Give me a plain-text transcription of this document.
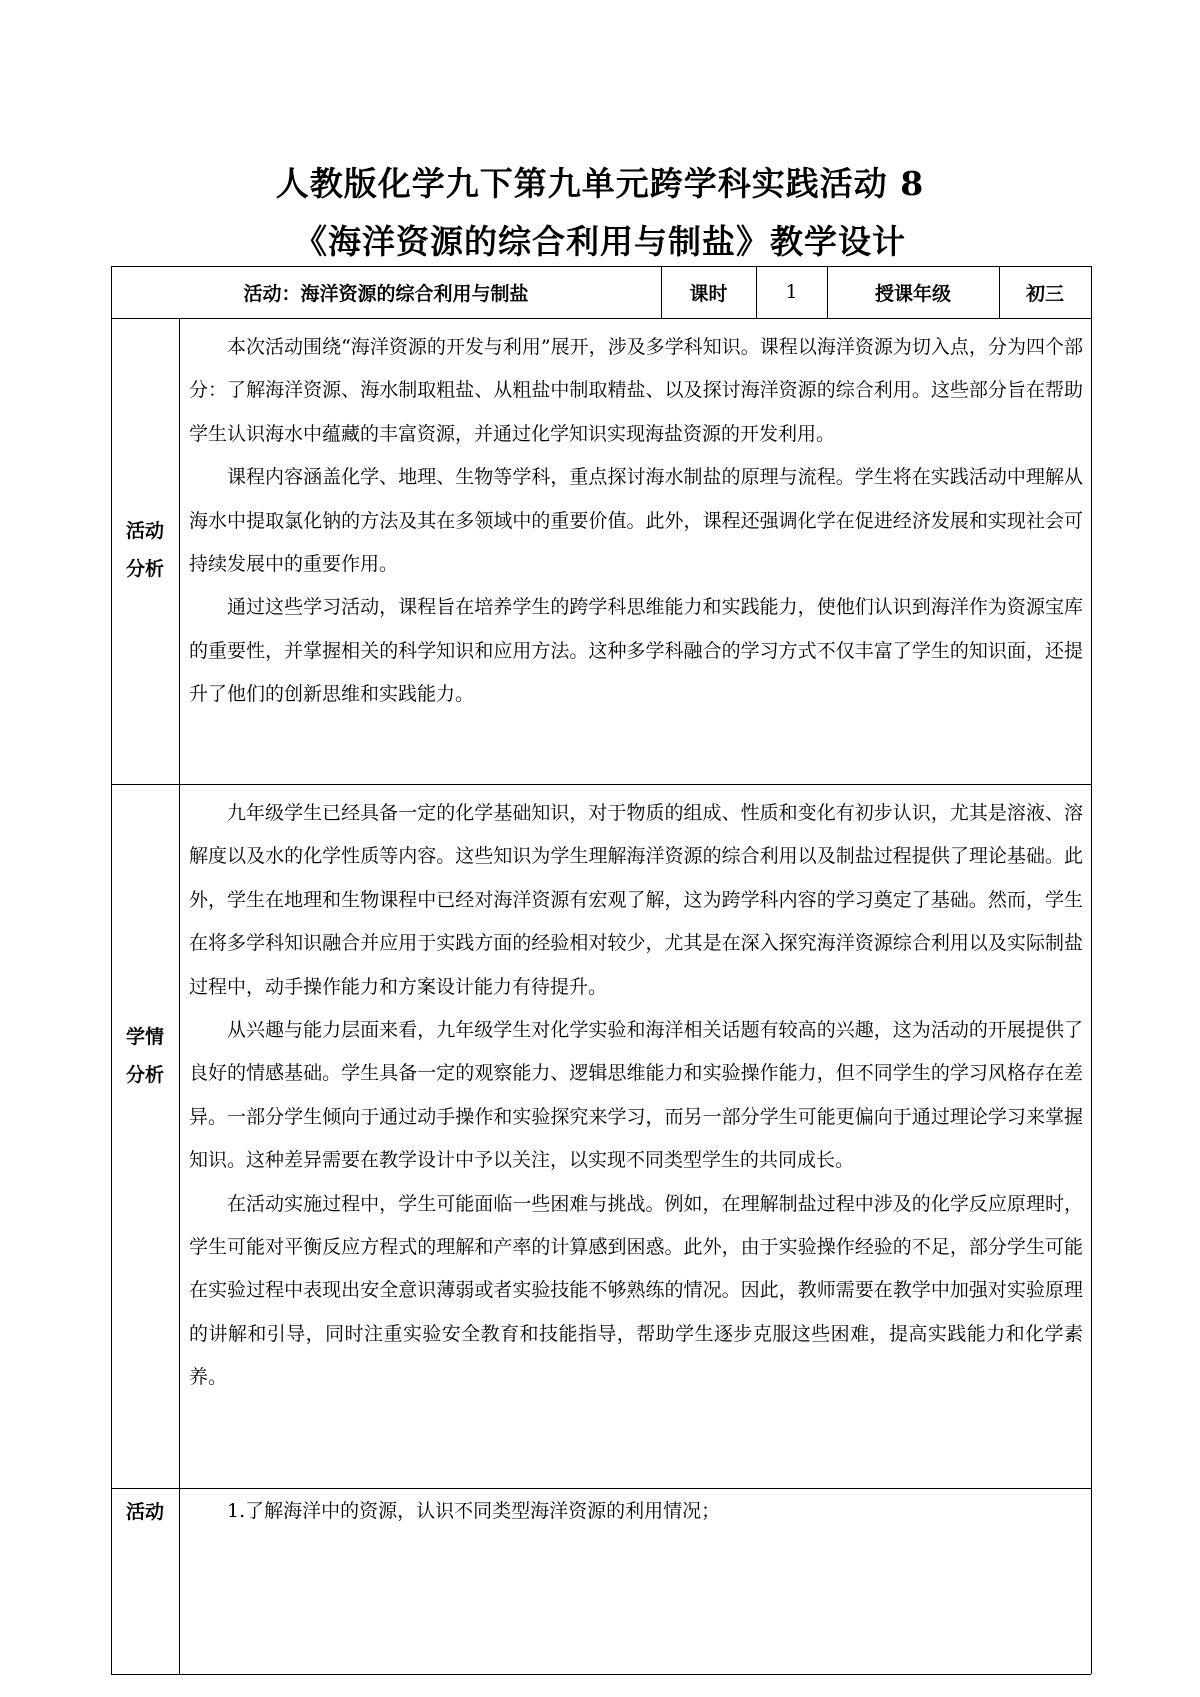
人教版化学九下第九单元跨学科实践活动 8
《海洋资源的综合利用与制盐》教学设计
活动：海洋资源的综合利用与制盐	课时	1	授课年级	初三
活动
分析

本次活动围绕“海洋资源的开发与利用”展开，涉及多学科知识。课程以海洋资源为切入点，分为四个部分：了解海洋资源、海水制取粗盐、从粗盐中制取精盐、以及探讨海洋资源的综合利用。这些部分旨在帮助学生认识海水中蕴藏的丰富资源，并通过化学知识实现海盐资源的开发利用。

课程内容涵盖化学、地理、生物等学科，重点探讨海水制盐的原理与流程。学生将在实践活动中理解从海水中提取氯化钠的方法及其在多领域中的重要价值。此外，课程还强调化学在促进经济发展和实现社会可持续发展中的重要作用。

通过这些学习活动，课程旨在培养学生的跨学科思维能力和实践能力，使他们认识到海洋作为资源宝库的重要性，并掌握相关的科学知识和应用方法。这种多学科融合的学习方式不仅丰富了学生的知识面，还提升了他们的创新思维和实践能力。

学情
分析

九年级学生已经具备一定的化学基础知识，对于物质的组成、性质和变化有初步认识，尤其是溶液、溶解度以及水的化学性质等内容。这些知识为学生理解海洋资源的综合利用以及制盐过程提供了理论基础。此外，学生在地理和生物课程中已经对海洋资源有宏观了解，这为跨学科内容的学习奠定了基础。然而，学生在将多学科知识融合并应用于实践方面的经验相对较少，尤其是在深入探究海洋资源综合利用以及实际制盐过程中，动手操作能力和方案设计能力有待提升。

从兴趣与能力层面来看，九年级学生对化学实验和海洋相关话题有较高的兴趣，这为活动的开展提供了良好的情感基础。学生具备一定的观察能力、逻辑思维能力和实验操作能力，但不同学生的学习风格存在差异。一部分学生倾向于通过动手操作和实验探究来学习，而另一部分学生可能更偏向于通过理论学习来掌握知识。这种差异需要在教学设计中予以关注，以实现不同类型学生的共同成长。

在活动实施过程中，学生可能面临一些困难与挑战。例如，在理解制盐过程中涉及的化学反应原理时，学生可能对平衡反应方程式的理解和产率的计算感到困惑。此外，由于实验操作经验的不足，部分学生可能在实验过程中表现出安全意识薄弱或者实验技能不够熟练的情况。因此，教师需要在教学中加强对实验原理的讲解和引导，同时注重实验安全教育和技能指导，帮助学生逐步克服这些困难，提高实践能力和化学素养。

活动	1.了解海洋中的资源，认识不同类型海洋资源的利用情况；
